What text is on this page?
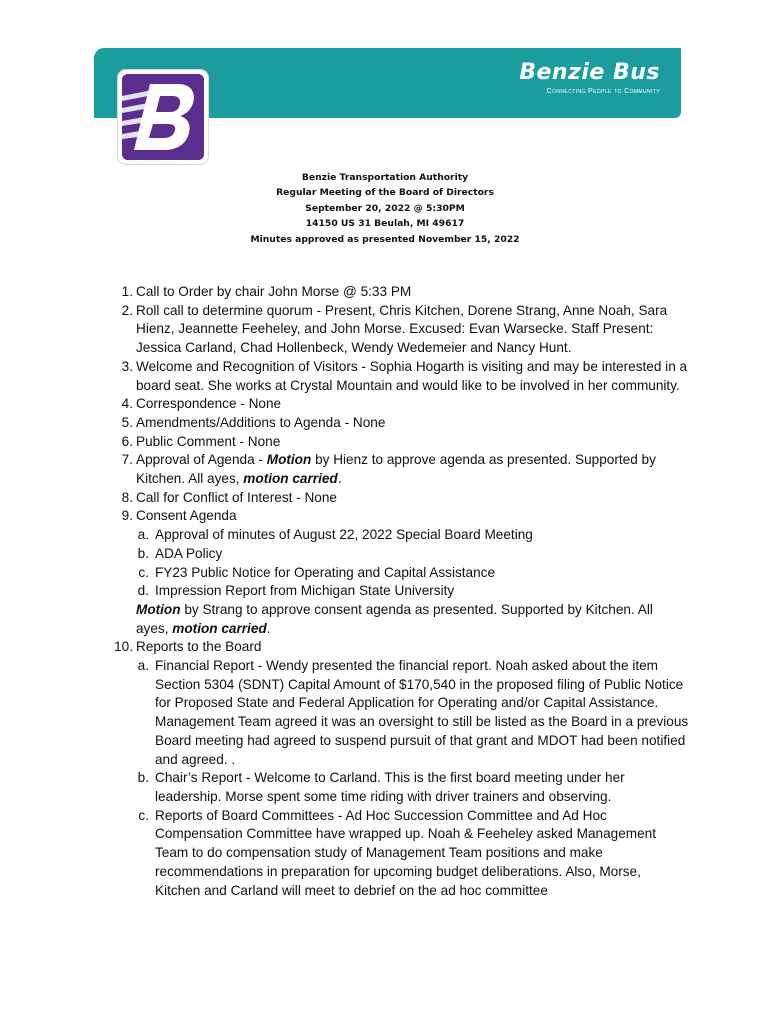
Benzie Bus
Connecting People to Community
Benzie Transportation Authority
Regular Meeting of the Board of Directors
September 20, 2022 @ 5:30PM
14150 US 31 Beulah, MI 49617
Minutes approved as presented November 15, 2022
1. Call to Order by chair John Morse @ 5:33 PM
2. Roll call to determine quorum - Present, Chris Kitchen, Dorene Strang, Anne Noah, Sara Hienz, Jeannette Feeheley, and John Morse. Excused: Evan Warsecke. Staff Present: Jessica Carland, Chad Hollenbeck, Wendy Wedemeier and Nancy Hunt.
3. Welcome and Recognition of Visitors - Sophia Hogarth is visiting and may be interested in a board seat. She works at Crystal Mountain and would like to be involved in her community.
4. Correspondence - None
5. Amendments/Additions to Agenda - None
6. Public Comment - None
7. Approval of Agenda - Motion by Hienz to approve agenda as presented. Supported by Kitchen. All ayes, motion carried.
8. Call for Conflict of Interest - None
9. Consent Agenda
a. Approval of minutes of August 22, 2022 Special Board Meeting
b. ADA Policy
c. FY23 Public Notice for Operating and Capital Assistance
d. Impression Report from Michigan State University
Motion by Strang to approve consent agenda as presented. Supported by Kitchen. All ayes, motion carried.
10. Reports to the Board
a. Financial Report - Wendy presented the financial report. Noah asked about the item Section 5304 (SDNT) Capital Amount of $170,540 in the proposed filing of Public Notice for Proposed State and Federal Application for Operating and/or Capital Assistance. Management Team agreed it was an oversight to still be listed as the Board in a previous Board meeting had agreed to suspend pursuit of that grant and MDOT had been notified and agreed. .
b. Chair’s Report - Welcome to Carland. This is the first board meeting under her leadership. Morse spent some time riding with driver trainers and observing.
c. Reports of Board Committees - Ad Hoc Succession Committee and Ad Hoc Compensation Committee have wrapped up. Noah & Feeheley asked Management Team to do compensation study of Management Team positions and make recommendations in preparation for upcoming budget deliberations. Also, Morse, Kitchen and Carland will meet to debrief on the ad hoc committee
